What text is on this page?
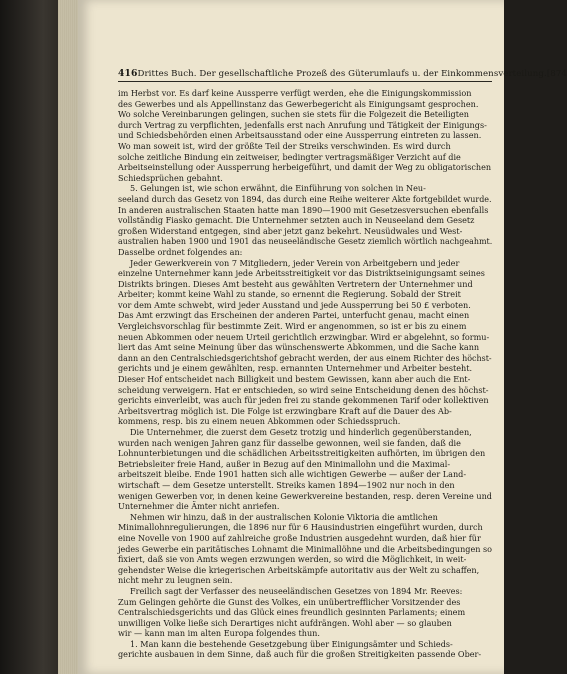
416 Drittes Buch. Der gesellschaftliche Prozeß des Güterumlaufs u. der Einkommensverteilung. [874

im Herbst vor. Es darf keine Aussperre verfügt werden, ehe die Einigungskommission
des Gewerbes und als Appellinstanz das Gewerbegericht als Einigungsamt gesprochen.
Wo solche Vereinbarungen gelingen, suchen sie stets für die Folgezeit die Beteiligten
durch Vertrag zu verpflichten, jedenfalls erst nach Anrufung und Tätigkeit der Einigungs-
und Schiedsbehörden einen Arbeitsausstand oder eine Aussperrung eintreten zu lassen.
Wo man soweit ist, wird der größte Teil der Streiks verschwinden. Es wird durch
solche zeitliche Bindung ein zeitweiser, bedingter vertragsmäßiger Verzicht auf die
Arbeitseinstellung oder Aussperrung herbeigeführt, und damit der Weg zu obligatorischen
Schiedsprüchen gebahnt.

5. Gelungen ist, wie schon erwähnt, die Einführung von solchen in Neu-
seeland durch das Gesetz von 1894, das durch eine Reihe weiterer Akte fortgebildet wurde.
In anderen australischen Staaten hatte man 1890—1900 mit Gesetzesversuchen ebenfalls
vollständig Fiasko gemacht. Die Unternehmer setzten auch in Neuseeland dem Gesetz
großen Widerstand entgegen, sind aber jetzt ganz bekehrt. Neusüdwales und West-
australien haben 1900 und 1901 das neuseeländische Gesetz ziemlich wörtlich nachgeahmt.
Dasselbe ordnet folgendes an:

Jeder Gewerkverein von 7 Mitgliedern, jeder Verein von Arbeitgebern und jeder
einzelne Unternehmer kann jede Arbeitsstreitigkeit vor das Distriktseinigungsamt seines
Distrikts bringen. Dieses Amt besteht aus gewählten Vertretern der Unternehmer und
Arbeiter; kommt keine Wahl zu stande, so ernennt die Regierung. Sobald der Streit
vor dem Amte schwebt, wird jeder Ausstand und jede Aussperrung bei 50 £ verboten.
Das Amt erzwingt das Erscheinen der anderen Partei, unterfucht genau, macht einen
Vergleichsvorschlag für bestimmte Zeit. Wird er angenommen, so ist er bis zu einem
neuen Abkommen oder neuem Urteil gerichtlich erzwingbar. Wird er abgelehnt, so formu-
liert das Amt seine Meinung über das wünschenswerte Abkommen, und die Sache kann
dann an den Centralschiedsgerichtshof gebracht werden, der aus einem Richter des höchst-
gerichts und je einem gewählten, resp. ernannten Unternehmer und Arbeiter besteht.
Dieser Hof entscheidet nach Billigkeit und bestem Gewissen, kann aber auch die Ent-
scheidung verweigern. Hat er entschieden, so wird seine Entscheidung denen des höchst-
gerichts einverleibt, was auch für jeden frei zu stande gekommenen Tarif oder kollektiven
Arbeitsvertrag möglich ist. Die Folge ist erzwingbare Kraft auf die Dauer des Ab-
kommens, resp. bis zu einem neuen Abkommen oder Schiedsspruch.

Die Unternehmer, die zuerst dem Gesetz trotzig und hinderlich gegenüberstanden,
wurden nach wenigen Jahren ganz für dasselbe gewonnen, weil sie fanden, daß die
Lohnunterbietungen und die schädlichen Arbeitsstreitigkeiten aufhörten, im übrigen den
Betriebsleiter freie Hand, außer in Bezug auf den Minimallohn und die Maximal-
arbeitszeit bleibe. Ende 1901 hatten sich alle wichtigen Gewerbe — außer der Land-
wirtschaft — dem Gesetze unterstellt. Streiks kamen 1894—1902 nur noch in den
wenigen Gewerben vor, in denen keine Gewerkvereine bestanden, resp. deren Vereine und
Unternehmer die Ämter nicht anriefen.

Nehmen wir hinzu, daß in der australischen Kolonie Viktoria die amtlichen
Minimallohnregulierungen, die 1896 nur für 6 Hausindustrien eingeführt wurden, durch
eine Novelle von 1900 auf zahlreiche große Industrien ausgedehnt wurden, daß hier für
jedes Gewerbe ein paritätisches Lohnamt die Minimallöhne und die Arbeitsbedingungen so
fixiert, daß sie von Amts wegen erzwungen werden, so wird die Möglichkeit, in weit-
gehendster Weise die kriegerischen Arbeitskämpfe autoritativ aus der Welt zu schaffen,
nicht mehr zu leugnen sein.

Freilich sagt der Verfasser des neuseeländischen Gesetzes von 1894 Mr. Reeves:
Zum Gelingen gehörte die Gunst des Volkes, ein unübertrefflicher Vorsitzender des
Centralschiedsgerichts und das Glück eines freundlich gesinnten Parlaments; einem
unwilligen Volke ließe sich Derartiges nicht aufdrängen. Wohl aber — so glauben
wir — kann man im alten Europa folgendes thun.

1. Man kann die bestehende Gesetzgebung über Einigungsämter und Schieds-
gerichte ausbauen in dem Sinne, daß auch für die großen Streitigkeiten passende Ober-
